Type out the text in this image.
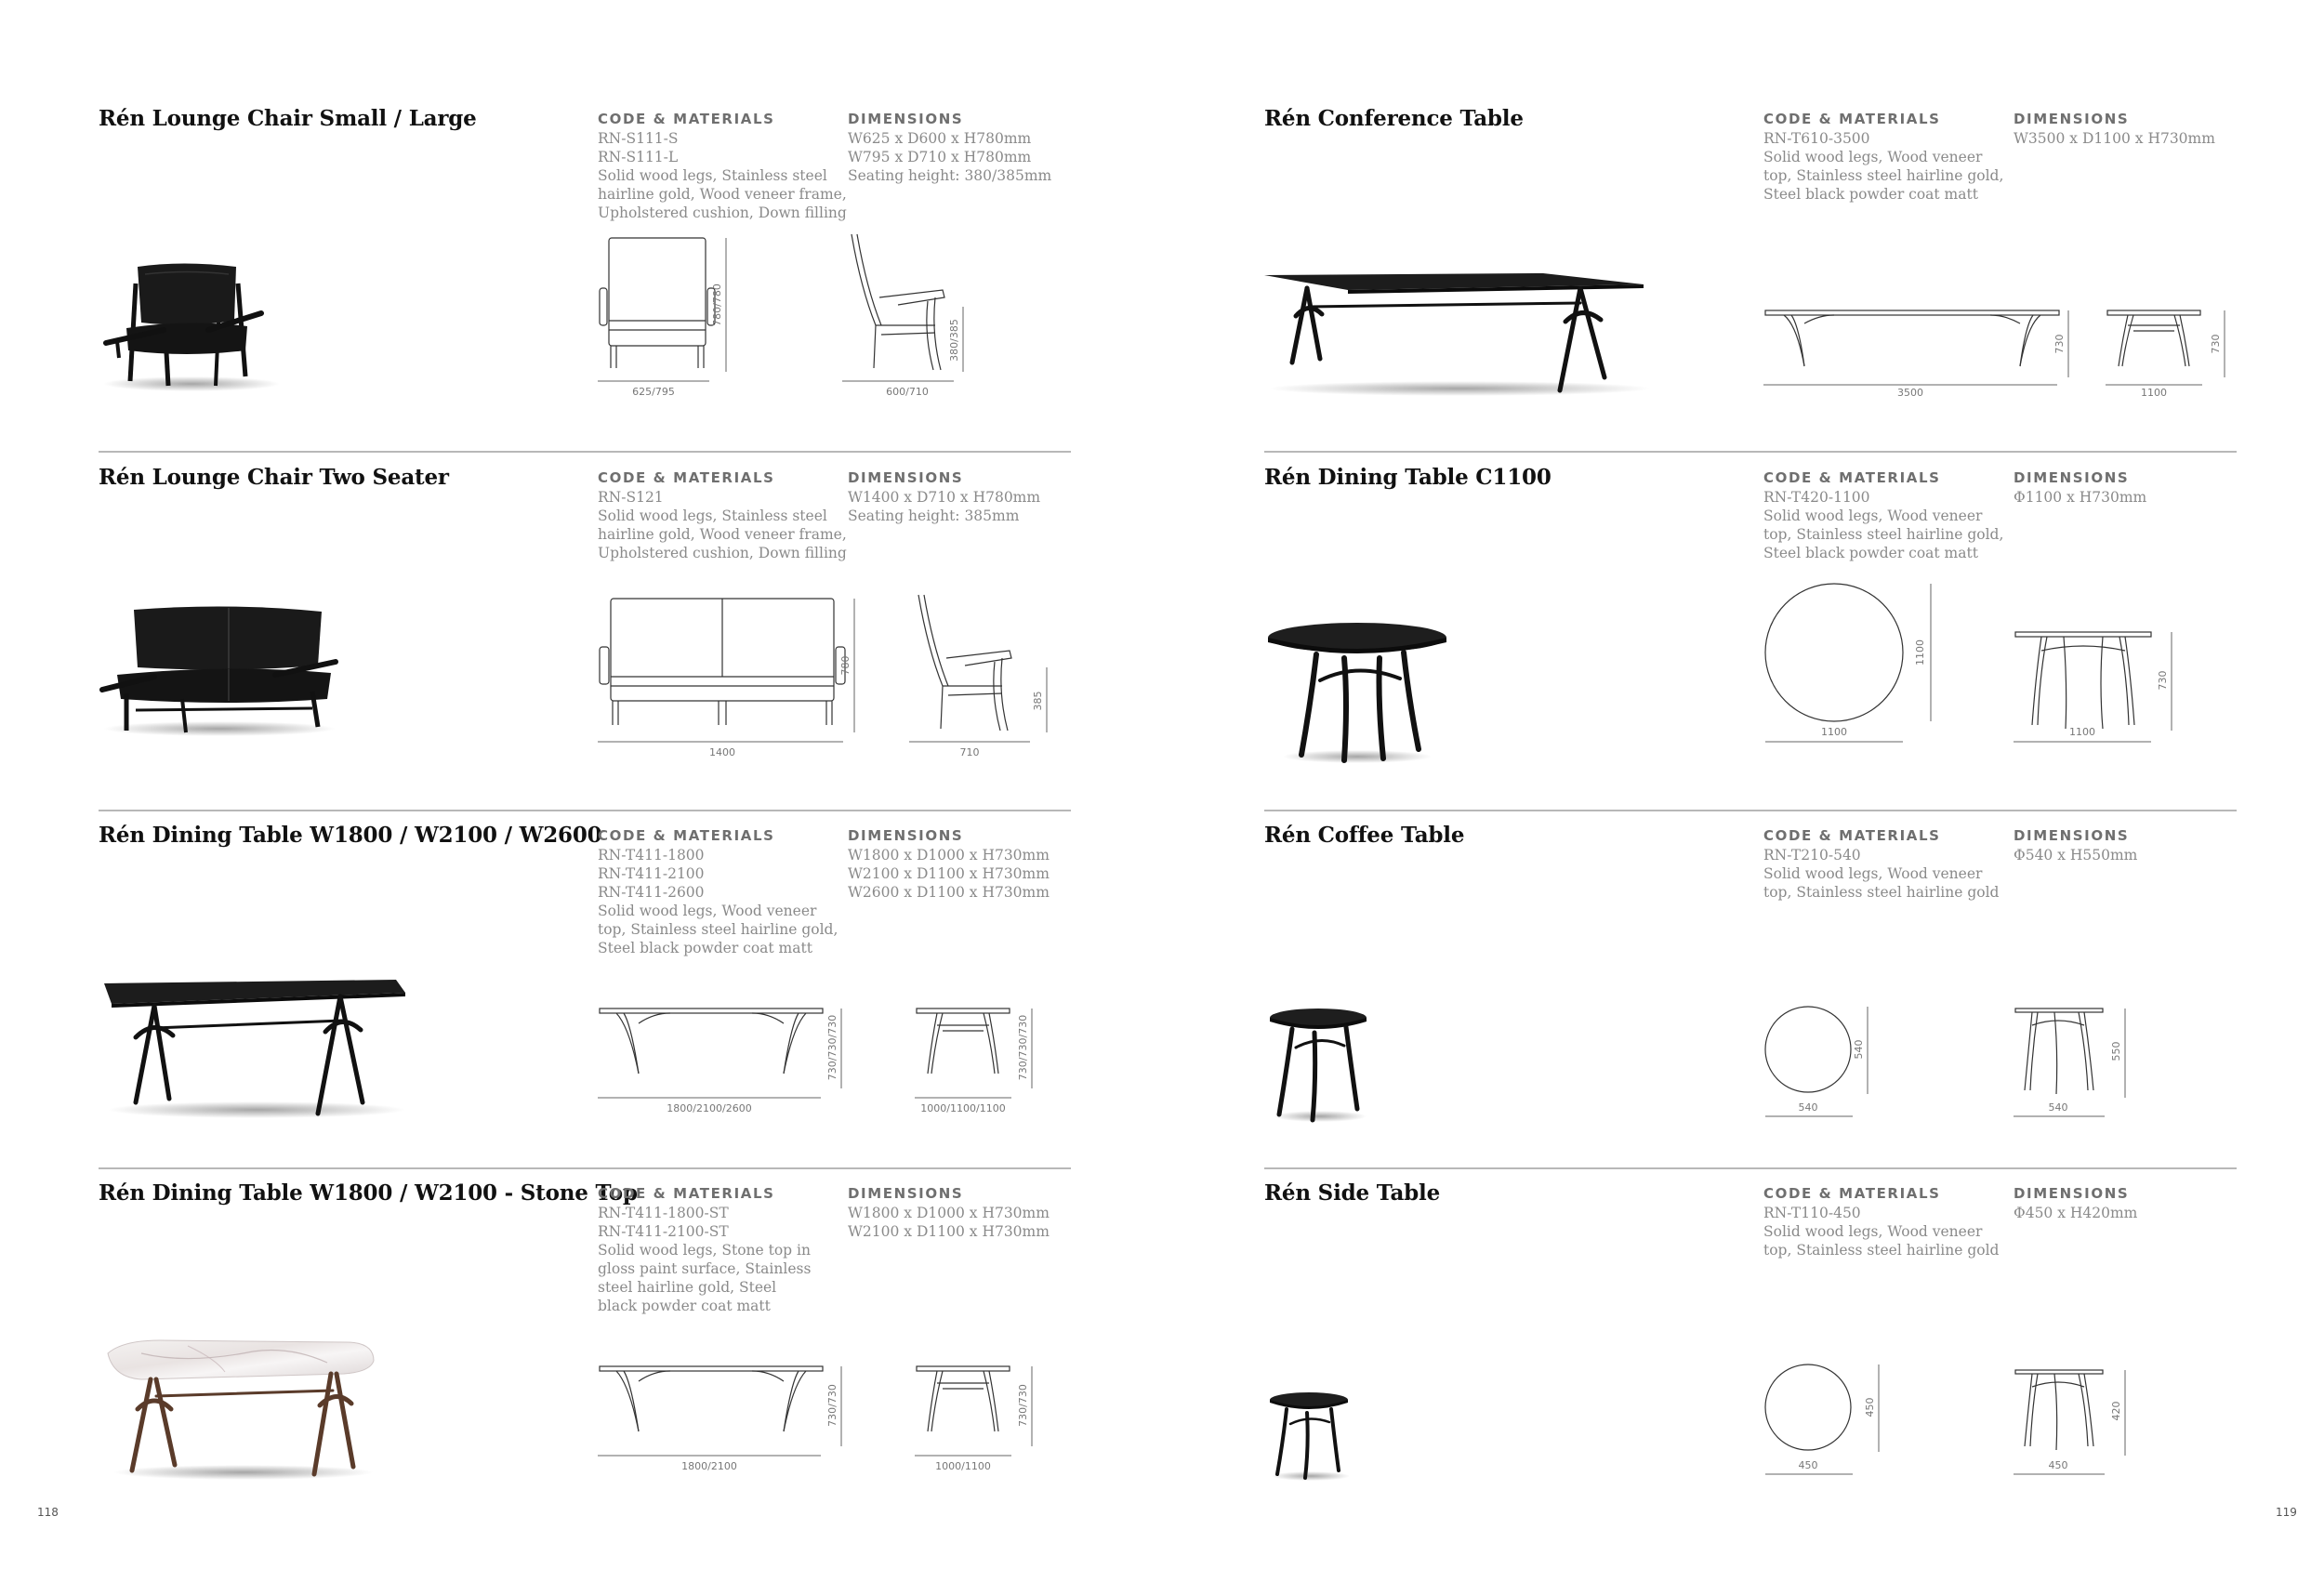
Rén Lounge Chair Small / Large	CODE & MATERIALS
RN-S111-S
RN-S111-L
Solid wood legs, Stainless steel
hairline gold, Wood veneer frame,
Upholstered cushion, Down filling
DIMENSIONS
W625 x D600 x H780mm
W795 x D710 x H780mm
Seating height: 380/385mm
625/795
780/780
600/710
380/385
Rén Lounge Chair Two Seater	CODE & MATERIALS
RN-S121
Solid wood legs, Stainless steel
hairline gold, Wood veneer frame,
Upholstered cushion, Down filling
DIMENSIONS
W1400 x D710 x H780mm
Seating height: 385mm
1400
780
710
385
Rén Dining Table W1800 / W2100 / W2600
CODE & MATERIALS
RN-T411-1800
RN-T411-2100
RN-T411-2600
Solid wood legs, Wood veneer
top, Stainless steel hairline gold,
Steel black powder coat matt
DIMENSIONS
W1800 x D1000 x H730mm
W2100 x D1100 x H730mm
W2600 x D1100 x H730mm
1800/2100/2600
730/730/730
1000/1100/1100
730/730/730
Rén Dining Table W1800 / W2100 - Stone Top
CODE & MATERIALS
RN-T411-1800-ST
RN-T411-2100-ST
Solid wood legs, Stone top in
gloss paint surface, Stainless
steel hairline gold, Steel
black powder coat matt
DIMENSIONS
W1800 x D1000 x H730mm
W2100 x D1100 x H730mm
1800/2100
730/730
1000/1100
730/730
Rén Conference Table	CODE & MATERIALS
RN-T610-3500
Solid wood legs, Wood veneer
top, Stainless steel hairline gold,
Steel black powder coat matt
DIMENSIONS
W3500 x D1100 x H730mm
3500
730
1100
730
Rén Dining Table C1100	CODE & MATERIALS
RN-T420-1100
Solid wood legs, Wood veneer
top, Stainless steel hairline gold,
Steel black powder coat matt
DIMENSIONS
Φ1100 x H730mm
1100
1100
1100
730
Rén Coffee Table	CODE & MATERIALS
RN-T210-540
Solid wood legs, Wood veneer
top, Stainless steel hairline gold
DIMENSIONS
Φ540 x H550mm
540
540
540
550
Rén Side Table	CODE & MATERIALS
RN-T110-450
Solid wood legs, Wood veneer
top, Stainless steel hairline gold
DIMENSIONS
Φ450 x H420mm
450
450
450
420
118	119
